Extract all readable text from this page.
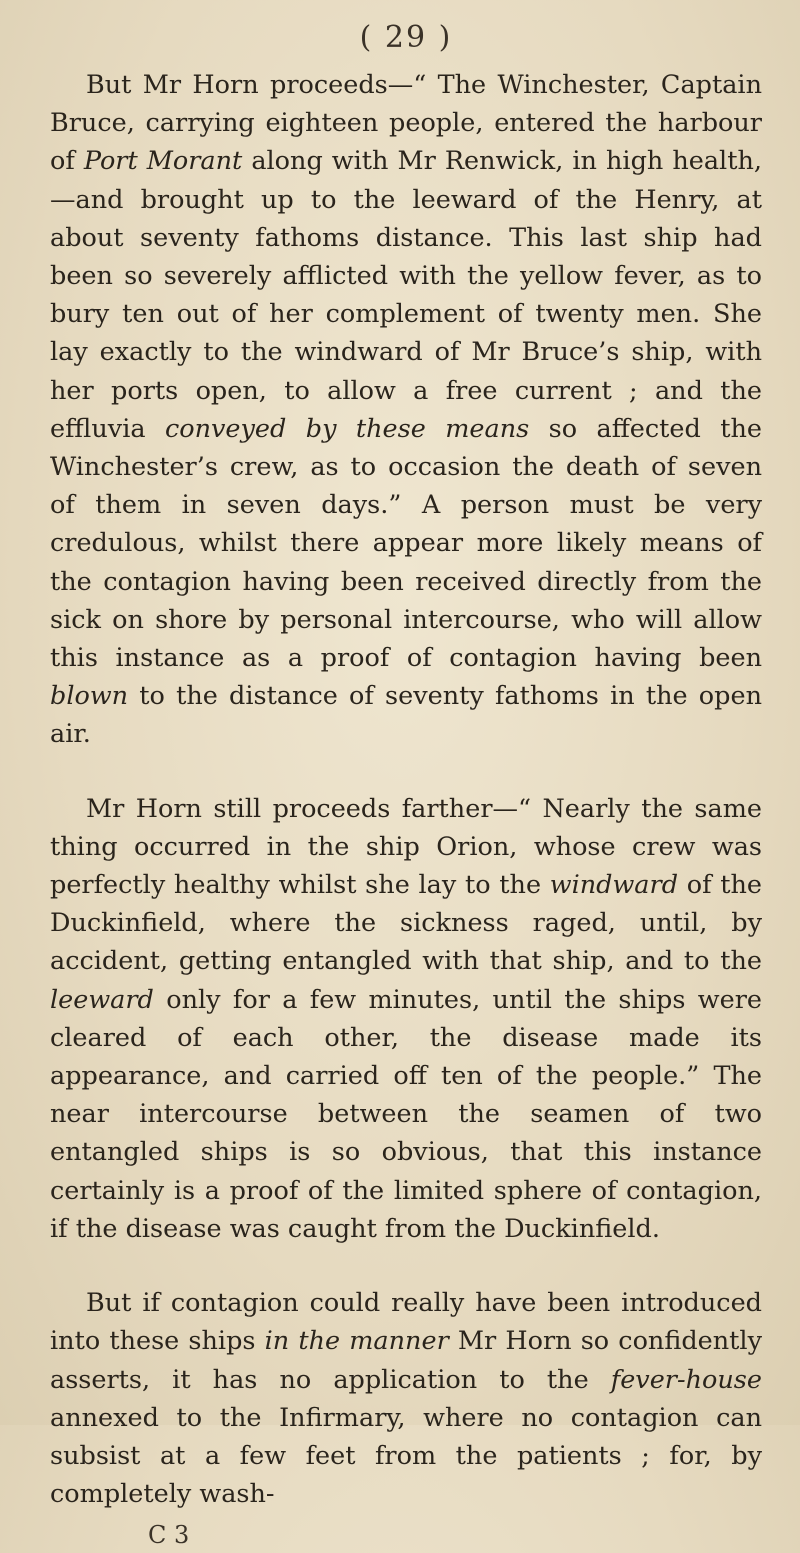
( 29 )

But Mr Horn proceeds—“ The Winchester, Captain Bruce, carrying eighteen people, entered the harbour of Port Morant along with Mr Renwick, in high health,—and brought up to the leeward of the Henry, at about seventy fathoms distance. This last ship had been so severely afflicted with the yellow fever, as to bury ten out of her complement of twenty men. She lay exactly to the windward of Mr Bruce’s ship, with her ports open, to allow a free current ; and the effluvia conveyed by these means so affected the Winchester’s crew, as to occasion the death of seven of them in seven days.” A person must be very credulous, whilst there appear more likely means of the contagion having been received directly from the sick on shore by personal intercourse, who will allow this instance as a proof of contagion having been blown to the distance of seventy fathoms in the open air.

Mr Horn still proceeds farther—“ Nearly the same thing occurred in the ship Orion, whose crew was perfectly healthy whilst she lay to the windward of the Duckinfield, where the sickness raged, until, by accident, getting entangled with that ship, and to the leeward only for a few minutes, until the ships were cleared of each other, the disease made its appearance, and carried off ten of the people.” The near intercourse between the seamen of two entangled ships is so obvious, that this instance certainly is a proof of the limited sphere of contagion, if the disease was caught from the Duckinfield.

But if contagion could really have been introduced into these ships in the manner Mr Horn so confidently asserts, it has no application to the fever-house annexed to the Infirmary, where no contagion can subsist at a few feet from the patients ; for, by completely wash-

C 3
